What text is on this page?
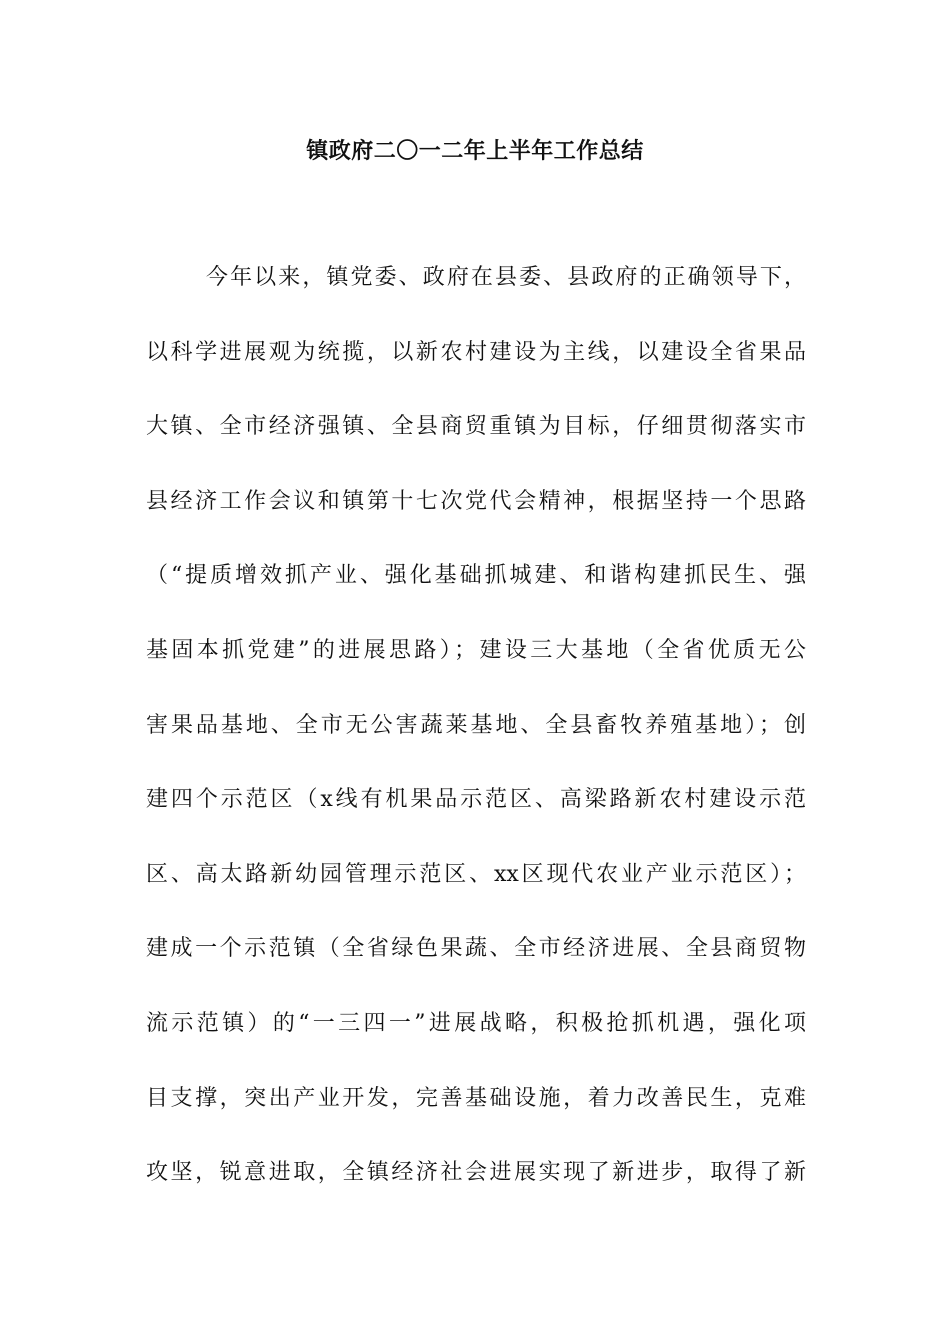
镇政府二〇一二年上半年工作总结
今年以来，镇党委、政府在县委、县政府的正确领导下，
以科学进展观为统揽，以新农村建设为主线，以建设全省果品
大镇、全市经济强镇、全县商贸重镇为目标，仔细贯彻落实市
县经济工作会议和镇第十七次党代会精神，根据坚持一个思路
（“提质增效抓产业、强化基础抓城建、和谐构建抓民生、强
基固本抓党建”的进展思路）；建设三大基地（全省优质无公
害果品基地、全市无公害蔬莱基地、全县畜牧养殖基地）；创
建四个示范区（x线有机果品示范区、高梁路新农村建设示范
区、高太路新幼园管理示范区、xx区现代农业产业示范区）；
建成一个示范镇（全省绿色果蔬、全市经济进展、全县商贸物
流示范镇）的“一三四一”进展战略，积极抢抓机遇，强化项
目支撑，突出产业开发，完善基础设施，着力改善民生，克难
攻坚，锐意进取，全镇经济社会进展实现了新进步，取得了新
